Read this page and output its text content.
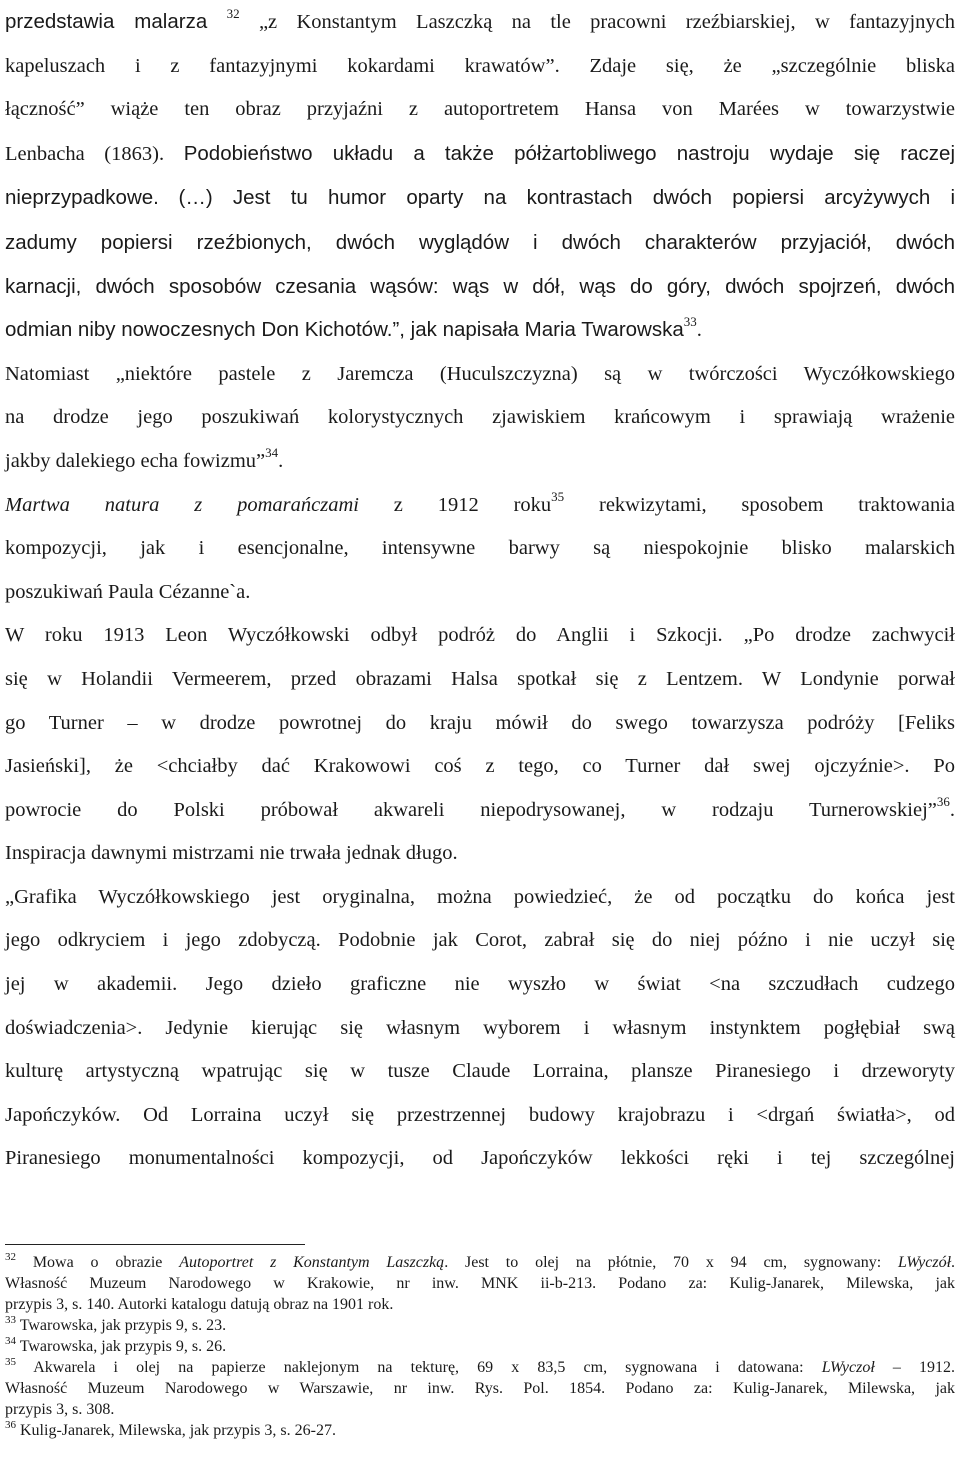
przedstawia malarza $^{32}$ „z Konstantym Laszczką na tle pracowni rzeźbiarskiej, w fantazyjnych
kapeluszach i z fantazyjnymi kokardami krawatów”. Zdaje się, że „szczególnie bliska
łączność” wiąże ten obraz przyjaźni z autoportretem Hansa von Marées w towarzystwie
Lenbacha (1863). Podobieństwo układu a także półżartobliwego nastroju wydaje się raczej
nieprzypadkowe. (…) Jest tu humor oparty na kontrastach dwóch popiersi arcyżywych i
zadumy popiersi rzeźbionych, dwóch wyglądów i dwóch charakterów przyjaciół, dwóch
karnacji, dwóch sposobów czesania wąsów: wąs w dół, wąs do góry, dwóch spojrzeń, dwóch
odmian niby nowoczesnych Don Kichotów.”, jak napisała Maria Twarowska$^{33}$.
Natomiast „niektóre pastele z Jaremcza (Huculszczyzna) są w twórczości Wyczółkowskiego
na drodze jego poszukiwań kolorystycznych zjawiskiem krańcowym i sprawiają wrażenie
jakby dalekiego echa fowizmu”$^{34}$.
Martwa natura z pomarańczami z 1912 roku$^{35}$ rekwizytami, sposobem traktowania
kompozycji, jak i esencjonalne, intensywne barwy są niespokojnie blisko malarskich
poszukiwań Paula Cézanne`a.
W roku 1913 Leon Wyczółkowski odbył podróż do Anglii i Szkocji. „Po drodze zachwycił
się w Holandii Vermeerem, przed obrazami Halsa spotkał się z Lentzem. W Londynie porwał
go Turner – w drodze powrotnej do kraju mówił do swego towarzysza podróży [Feliks
Jasieński], że <chciałby dać Krakowowi coś z tego, co Turner dał swej ojczyźnie>. Po
powrocie do Polski próbował akwareli niepodrysowanej, w rodzaju Turnerowskiej”$^{36}$.
Inspiracja dawnymi mistrzami nie trwała jednak długo.
„Grafika Wyczółkowskiego jest oryginalna, można powiedzieć, że od początku do końca jest
jego odkryciem i jego zdobyczą. Podobnie jak Corot, zabrał się do niej późno i nie uczył się
jej w akademii. Jego dzieło graficzne nie wyszło w świat <na szczudłach cudzego
doświadczenia>. Jedynie kierując się własnym wyborem i własnym instynktem pogłębiał swą
kulturę artystyczną wpatrując się w tusze Claude Lorraina, plansze Piranesiego i drzeworyty
Japończyków. Od Lorraina uczył się przestrzennej budowy krajobrazu i <drgań światła>, od
Piranesiego monumentalności kompozycji, od Japończyków lekkości ręki i tej szczególnej
$^{32}$ Mowa o obrazie Autoportret z Konstantym Laszczką. Jest to olej na płótnie, 70 x 94 cm, sygnowany: LWyczół.
Własność Muzeum Narodowego w Krakowie, nr inw. MNK ii-b-213. Podano za: Kulig-Janarek, Milewska, jak
przypis 3, s. 140. Autorki katalogu datują obraz na 1901 rok.
$^{33}$ Twarowska, jak przypis 9, s. 23.
$^{34}$ Twarowska, jak przypis 9, s. 26.
$^{35}$ Akwarela i olej na papierze naklejonym na tekturę, 69 x 83,5 cm, sygnowana i datowana: LWyczoł – 1912.
Własność Muzeum Narodowego w Warszawie, nr inw. Rys. Pol. 1854. Podano za: Kulig-Janarek, Milewska, jak
przypis 3, s. 308.
$^{36}$ Kulig-Janarek, Milewska, jak przypis 3, s. 26-27.
